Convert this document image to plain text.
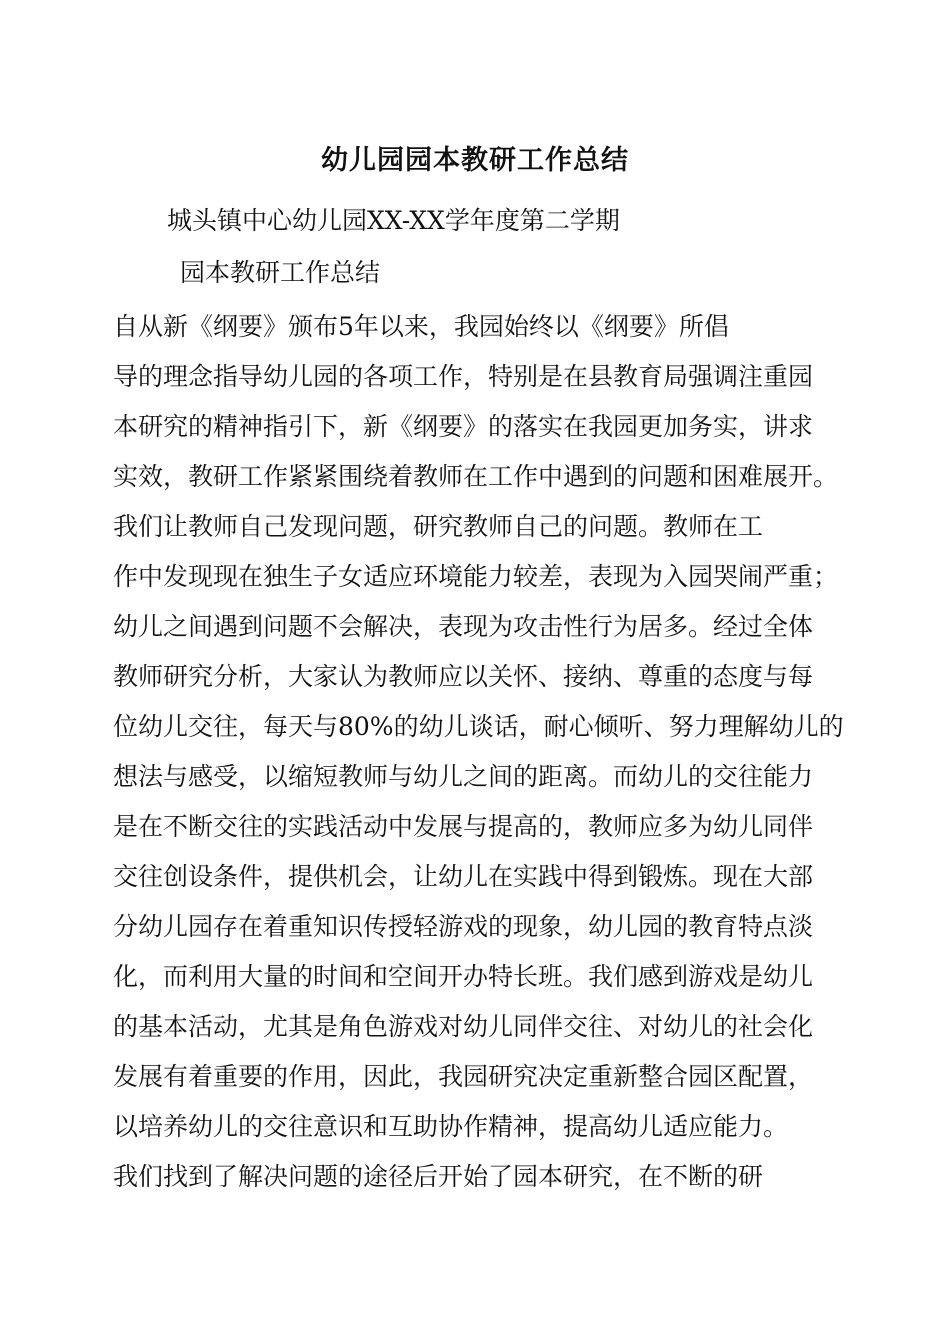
幼儿园园本教研工作总结
城头镇中心幼儿园XX-XX学年度第二学期
园本教研工作总结
自从新《纲要》颁布5年以来，我园始终以《纲要》所倡
导的理念指导幼儿园的各项工作，特别是在县教育局强调注重园
本研究的精神指引下，新《纲要》的落实在我园更加务实，讲求
实效，教研工作紧紧围绕着教师在工作中遇到的问题和困难展开。
我们让教师自己发现问题，研究教师自己的问题。教师在工
作中发现现在独生子女适应环境能力较差，表现为入园哭闹严重；
幼儿之间遇到问题不会解决，表现为攻击性行为居多。经过全体
教师研究分析，大家认为教师应以关怀、接纳、尊重的态度与每
位幼儿交往，每天与80%的幼儿谈话，耐心倾听、努力理解幼儿的
想法与感受，以缩短教师与幼儿之间的距离。而幼儿的交往能力
是在不断交往的实践活动中发展与提高的，教师应多为幼儿同伴
交往创设条件，提供机会，让幼儿在实践中得到锻炼。现在大部
分幼儿园存在着重知识传授轻游戏的现象，幼儿园的教育特点淡
化，而利用大量的时间和空间开办特长班。我们感到游戏是幼儿
的基本活动，尤其是角色游戏对幼儿同伴交往、对幼儿的社会化
发展有着重要的作用，因此，我园研究决定重新整合园区配置，
以培养幼儿的交往意识和互助协作精神，提高幼儿适应能力。
我们找到了解决问题的途径后开始了园本研究，在不断的研
